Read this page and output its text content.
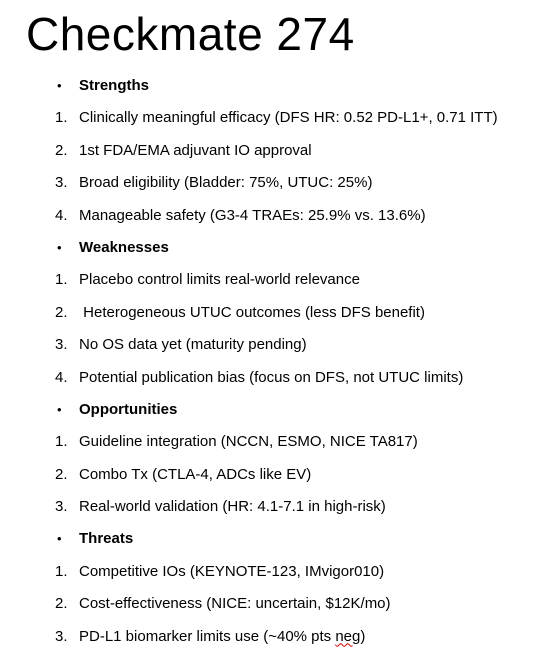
Checkmate 274
• Strengths
1. Clinically meaningful efficacy (DFS HR: 0.52 PD-L1+, 0.71 ITT)
2. 1st FDA/EMA adjuvant IO approval
3. Broad eligibility (Bladder: 75%, UTUC: 25%)
4. Manageable safety (G3-4 TRAEs: 25.9% vs. 13.6%)
• Weaknesses
1. Placebo control limits real-world relevance
2. Heterogeneous UTUC outcomes (less DFS benefit)
3. No OS data yet (maturity pending)
4. Potential publication bias (focus on DFS, not UTUC limits)
• Opportunities
1. Guideline integration (NCCN, ESMO, NICE TA817)
2. Combo Tx (CTLA-4, ADCs like EV)
3. Real-world validation (HR: 4.1-7.1 in high-risk)
• Threats
1. Competitive IOs (KEYNOTE-123, IMvigor010)
2. Cost-effectiveness (NICE: uncertain, $12K/mo)
3. PD-L1 biomarker limits use (~40% pts neg)
